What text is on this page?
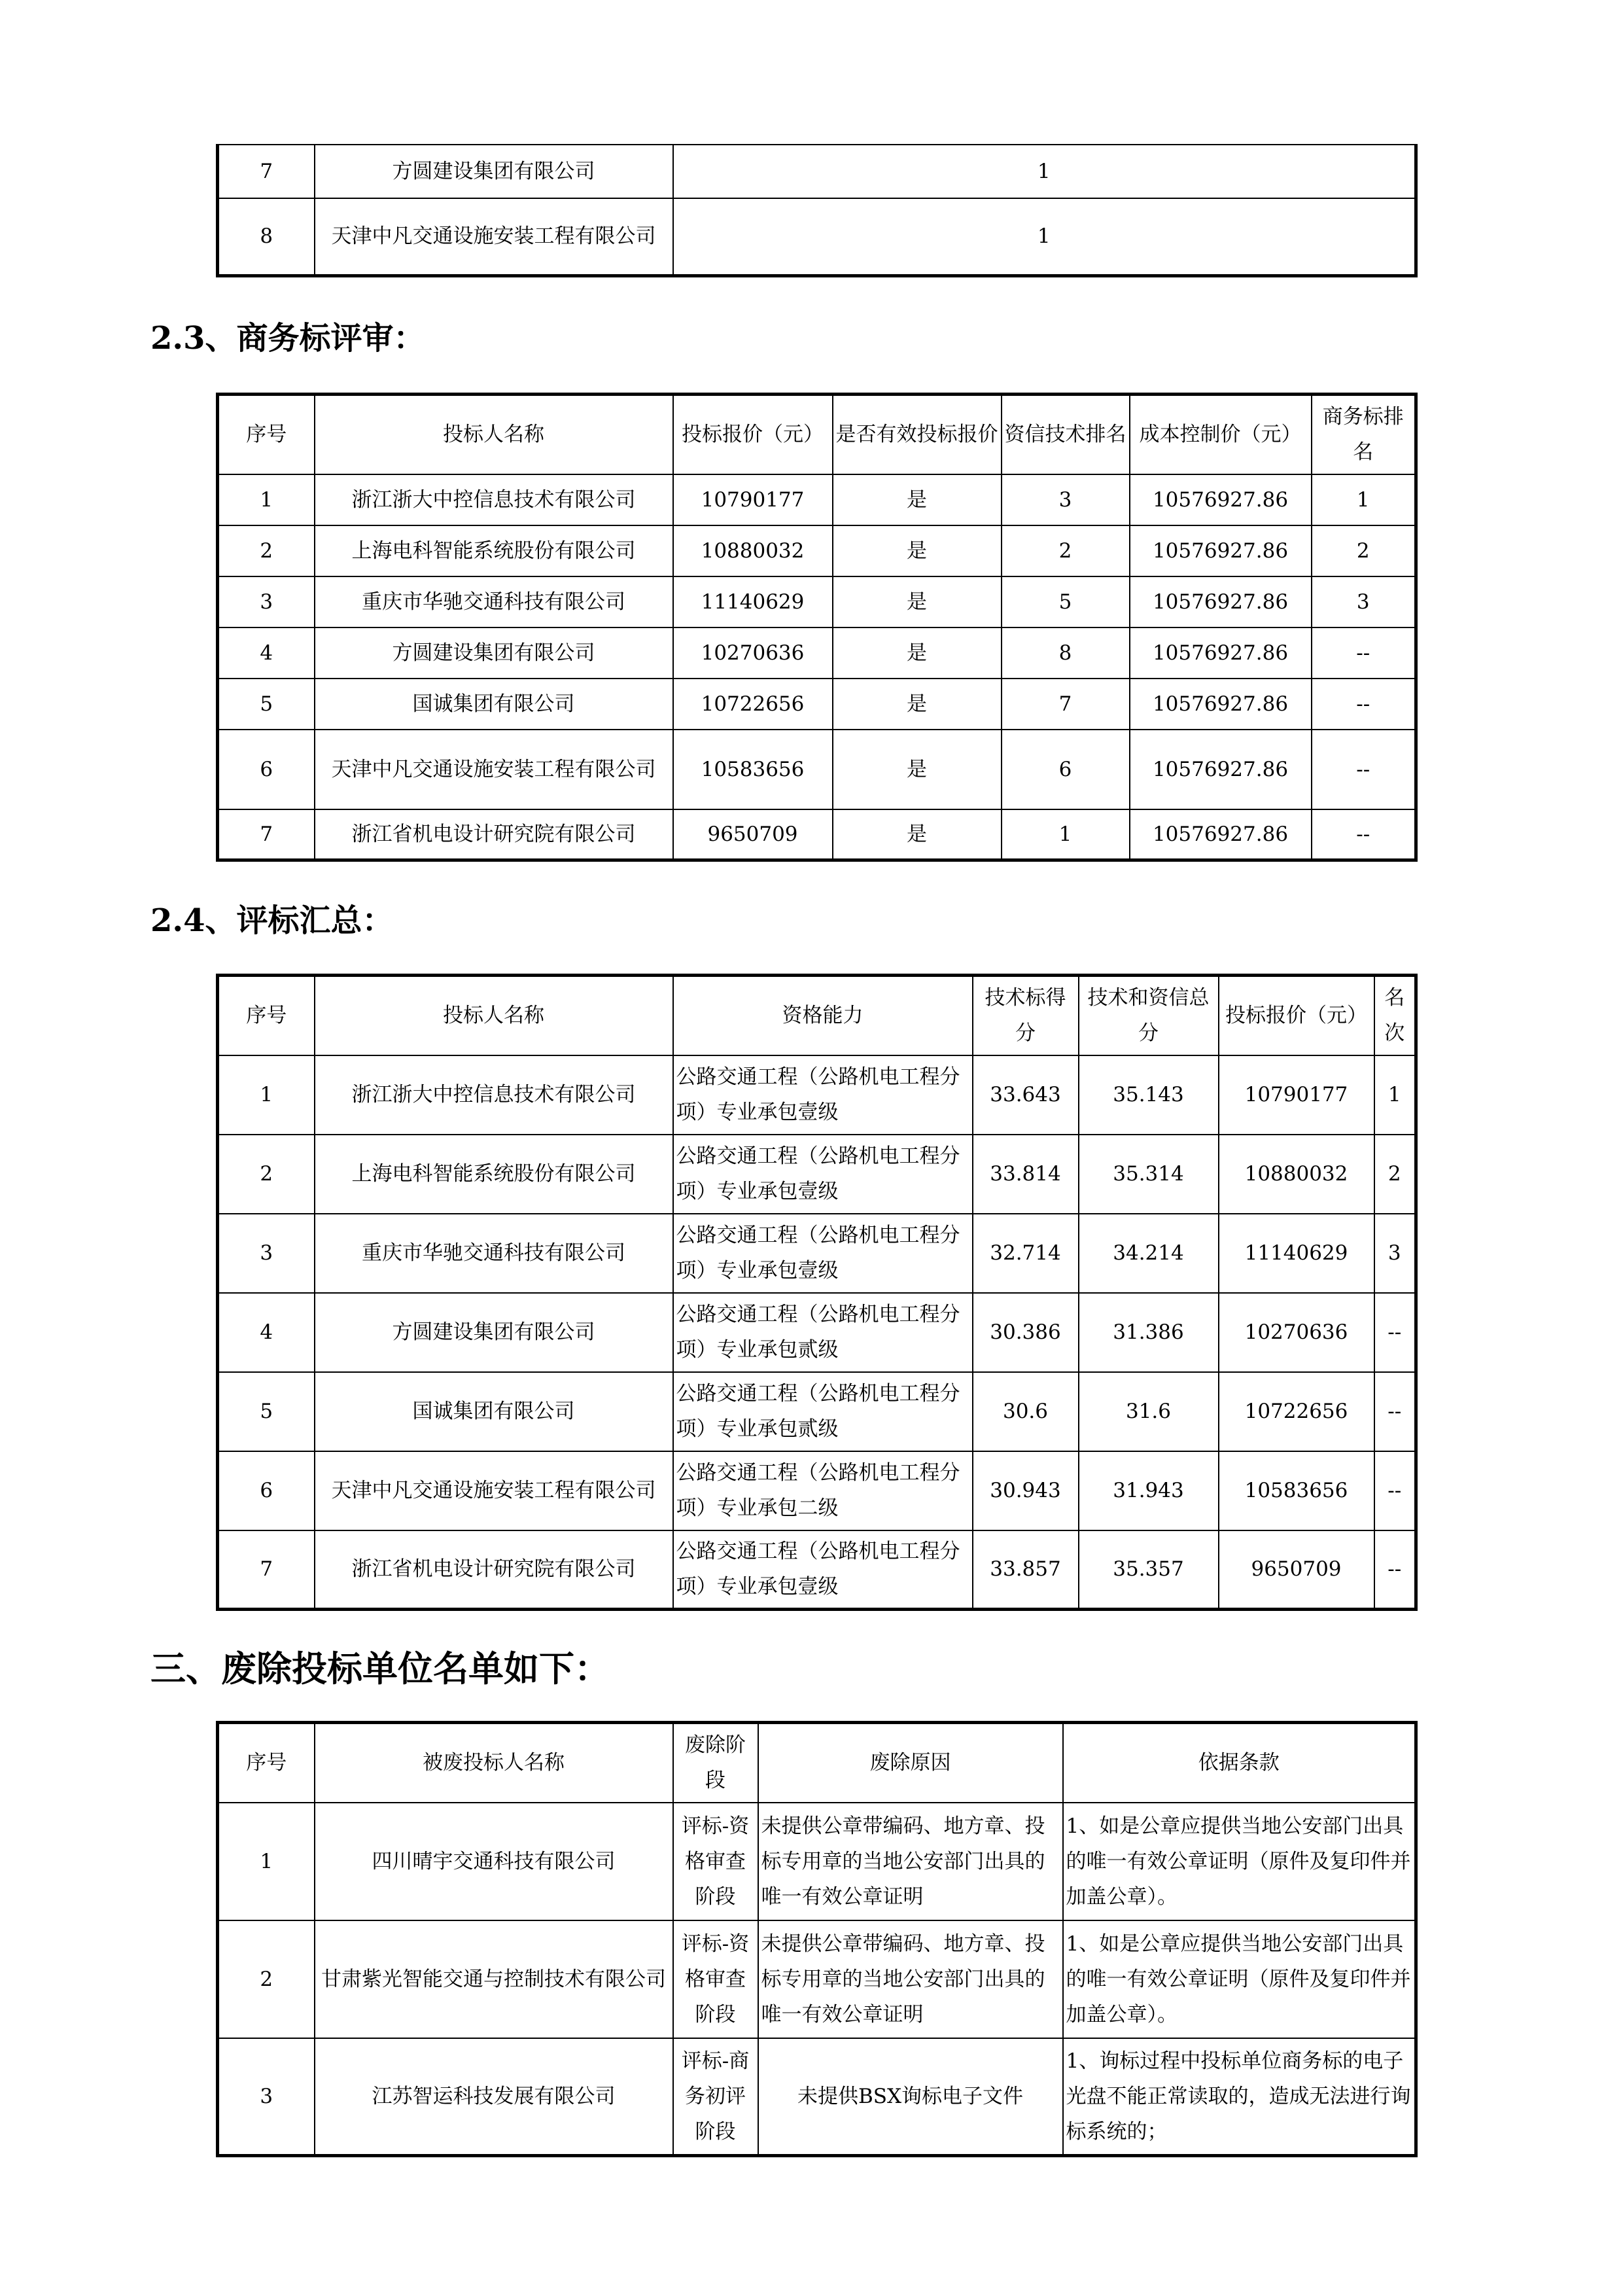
7	方圆建设集团有限公司	1
8	天津中凡交通设施安装工程有限公司	1
2.3、商务标评审：
序号	投标人名称	投标报价（元）	是否有效投标报价	资信技术排名	成本控制价（元）	商务标排名
1	浙江浙大中控信息技术有限公司	10790177	是	3	10576927.86	1
2	上海电科智能系统股份有限公司	10880032	是	2	10576927.86	2
3	重庆市华驰交通科技有限公司	11140629	是	5	10576927.86	3
4	方圆建设集团有限公司	10270636	是	8	10576927.86	--
5	国诚集团有限公司	10722656	是	7	10576927.86	--
6	天津中凡交通设施安装工程有限公司	10583656	是	6	10576927.86	--
7	浙江省机电设计研究院有限公司	9650709	是	1	10576927.86	--
2.4、评标汇总：
序号	投标人名称	资格能力	技术标得分	技术和资信总分	投标报价（元）	名次
1	浙江浙大中控信息技术有限公司	公路交通工程（公路机电工程分项）专业承包壹级	33.643	35.143	10790177	1
2	上海电科智能系统股份有限公司	公路交通工程（公路机电工程分项）专业承包壹级	33.814	35.314	10880032	2
3	重庆市华驰交通科技有限公司	公路交通工程（公路机电工程分项）专业承包壹级	32.714	34.214	11140629	3
4	方圆建设集团有限公司	公路交通工程（公路机电工程分项）专业承包贰级	30.386	31.386	10270636	--
5	国诚集团有限公司	公路交通工程（公路机电工程分项）专业承包贰级	30.6	31.6	10722656	--
6	天津中凡交通设施安装工程有限公司	公路交通工程（公路机电工程分项）专业承包二级	30.943	31.943	10583656	--
7	浙江省机电设计研究院有限公司	公路交通工程（公路机电工程分项）专业承包壹级	33.857	35.357	9650709	--
三、废除投标单位名单如下：
序号	被废投标人名称	废除阶段	废除原因	依据条款
1	四川晴宇交通科技有限公司	评标-资格审查阶段	未提供公章带编码、地方章、投标专用章的当地公安部门出具的唯一有效公章证明	1、如是公章应提供当地公安部门出具的唯一有效公章证明（原件及复印件并加盖公章）。
2	甘肃紫光智能交通与控制技术有限公司	评标-资格审查阶段	未提供公章带编码、地方章、投标专用章的当地公安部门出具的唯一有效公章证明	1、如是公章应提供当地公安部门出具的唯一有效公章证明（原件及复印件并加盖公章）。
3	江苏智运科技发展有限公司	评标-商务初评阶段	未提供BSX询标电子文件	1、询标过程中投标单位商务标的电子光盘不能正常读取的，造成无法进行询标系统的；
